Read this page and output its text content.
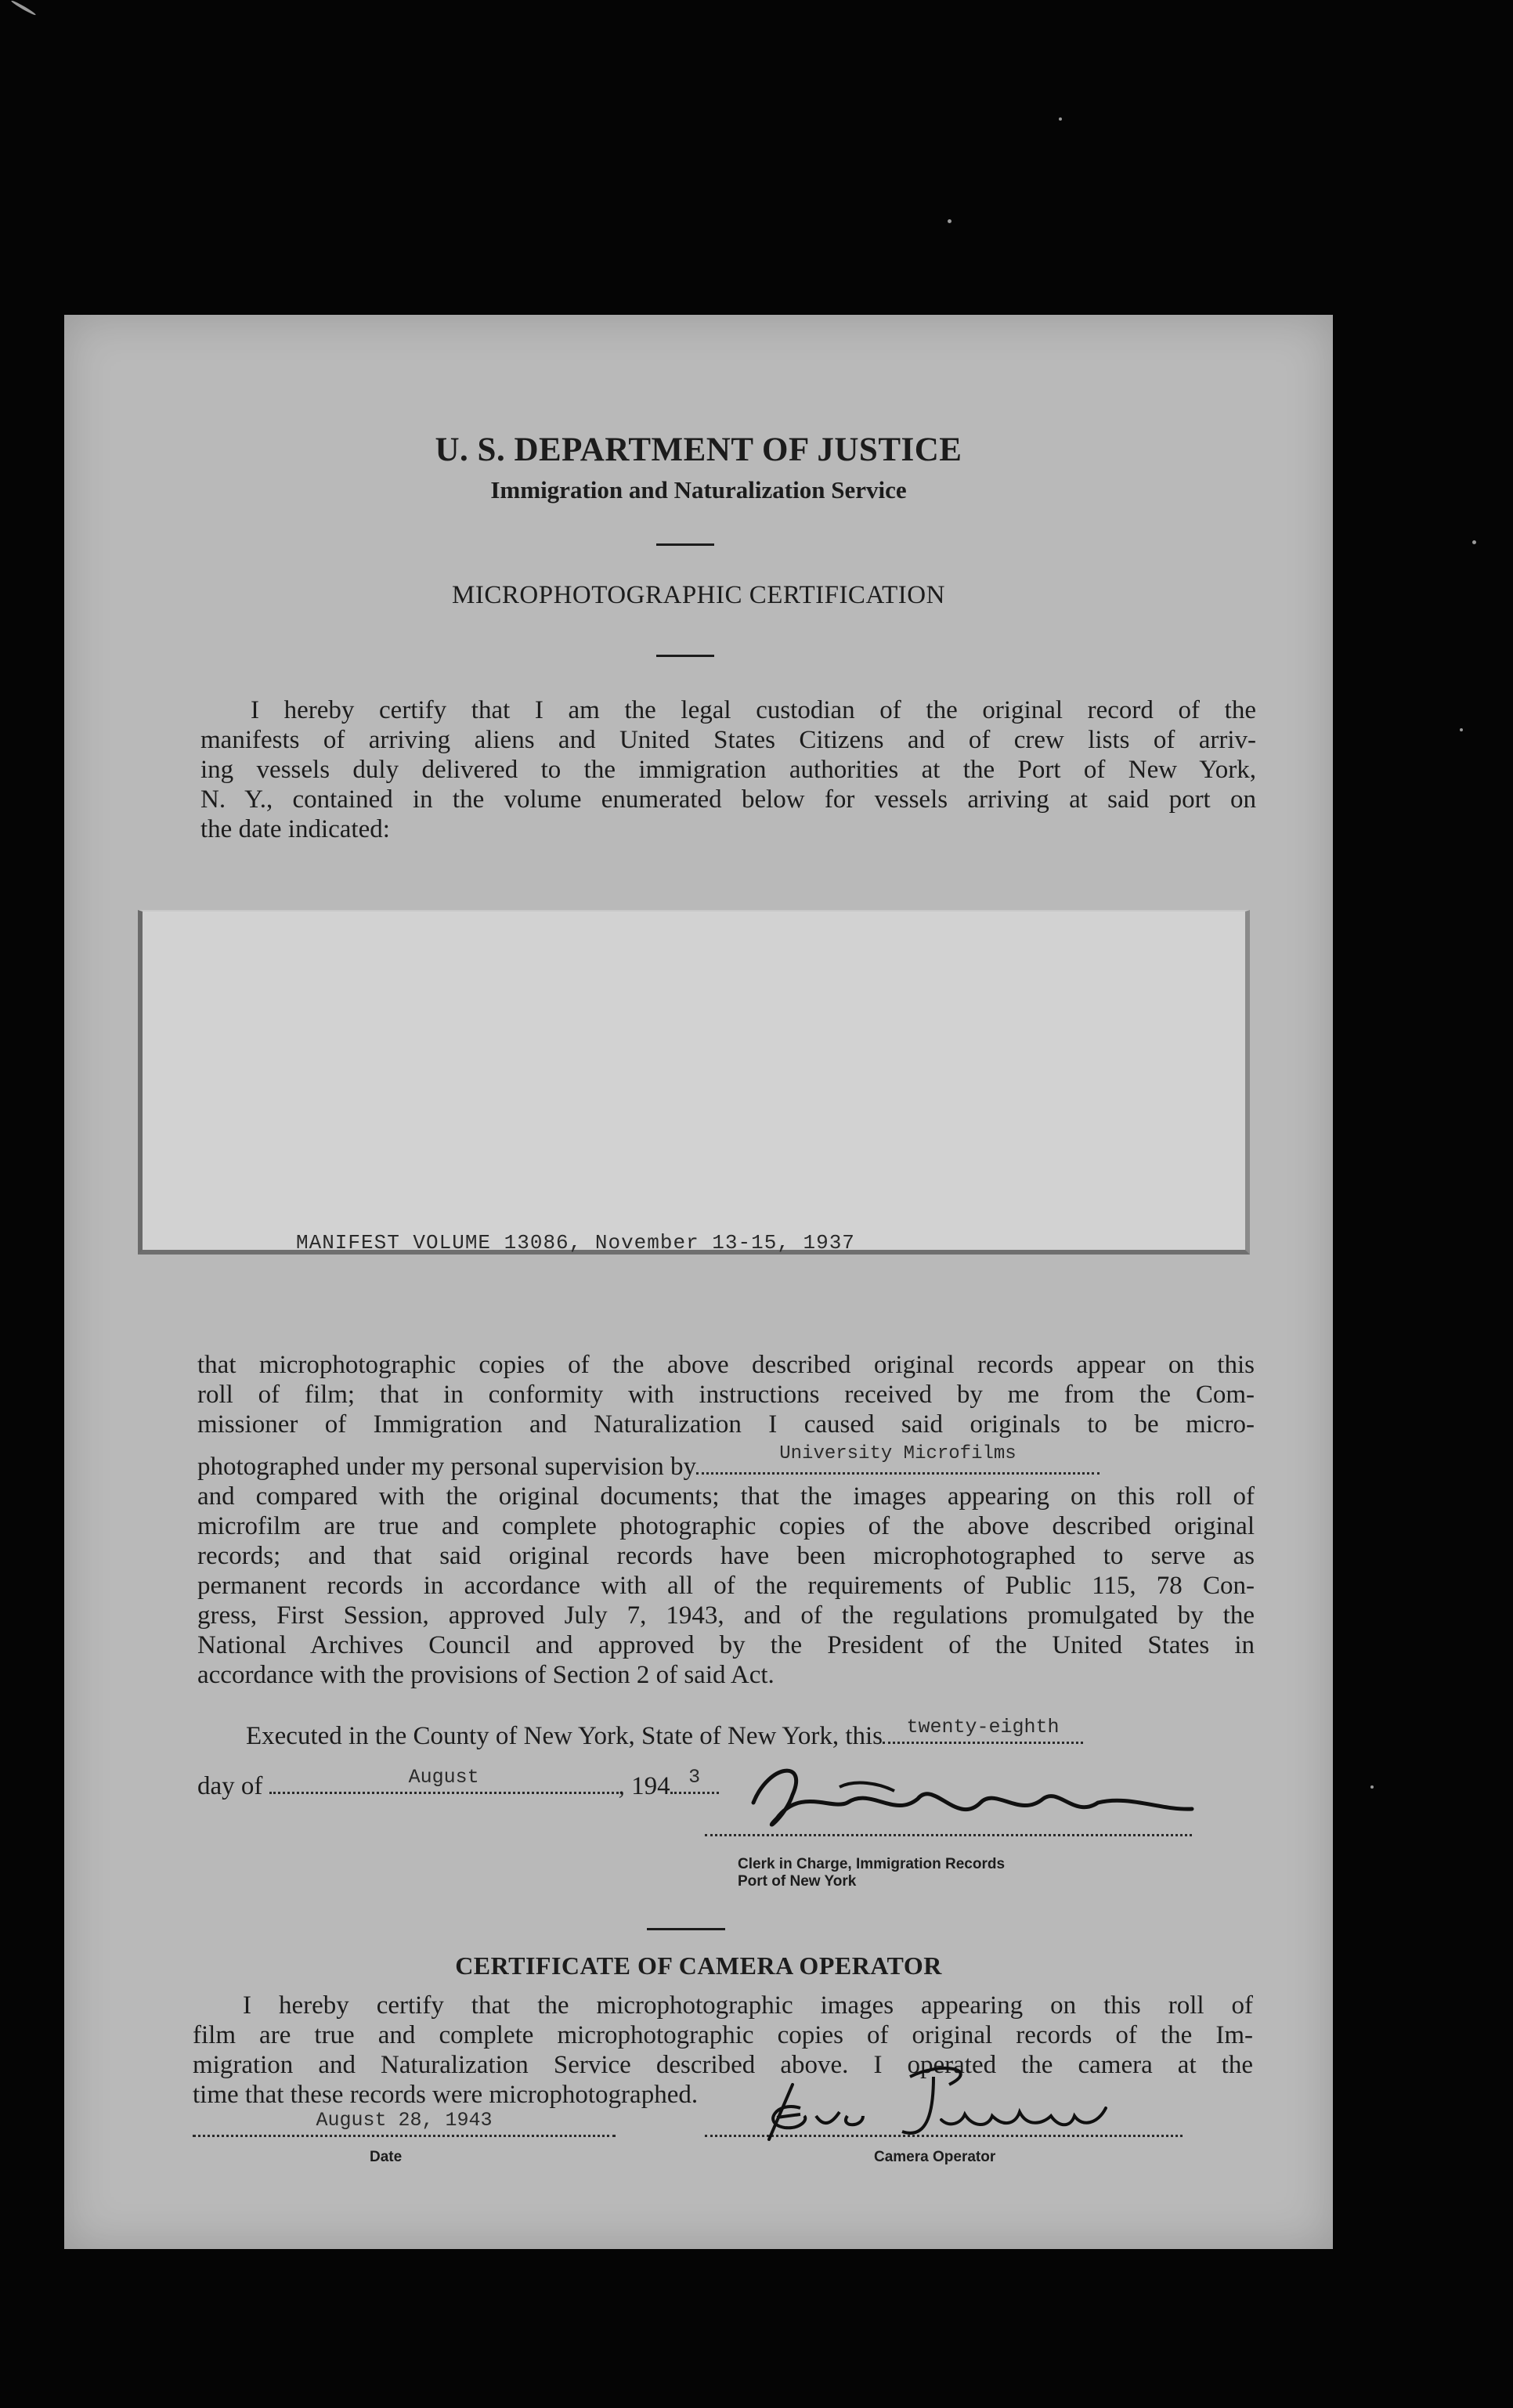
U. S. DEPARTMENT OF JUSTICE
Immigration and Naturalization Service
MICROPHOTOGRAPHIC CERTIFICATION
I hereby certify that I am the legal custodian of the original record of the
manifests of arriving aliens and United States Citizens and of crew lists of arriv-
ing vessels duly delivered to the immigration authorities at the Port of New York,
N. Y., contained in the volume enumerated below for vessels arriving at said port on
the date indicated:
MANIFEST VOLUME 13086, November 13-15, 1937
that microphotographic copies of the above described original records appear on this
roll of film; that in conformity with instructions received by me from the Com-
missioner of Immigration and Naturalization I caused said originals to be micro-
photographed under my personal supervision by	University Microfilms
and compared with the original documents; that the images appearing on this roll of
microfilm are true and complete photographic copies of the above described original
records; and that said original records have been microphotographed to serve as
permanent records in accordance with all of the requirements of Public 115, 78 Con-
gress, First Session, approved July 7, 1943, and of the regulations promulgated by the
National Archives Council and approved by the President of the United States in
accordance with the provisions of Section 2 of said Act.
Executed in the County of New York, State of New York, this	twenty-eighth
day of	August	, 194 3
Clerk in Charge, Immigration Records
Port of New York
CERTIFICATE OF CAMERA OPERATOR
I hereby certify that the microphotographic images appearing on this roll of
film are true and complete microphotographic copies of original records of the Im-
migration and Naturalization Service described above. I operated the camera at the
time that these records were microphotographed.
August 28, 1943
Date	Camera Operator
